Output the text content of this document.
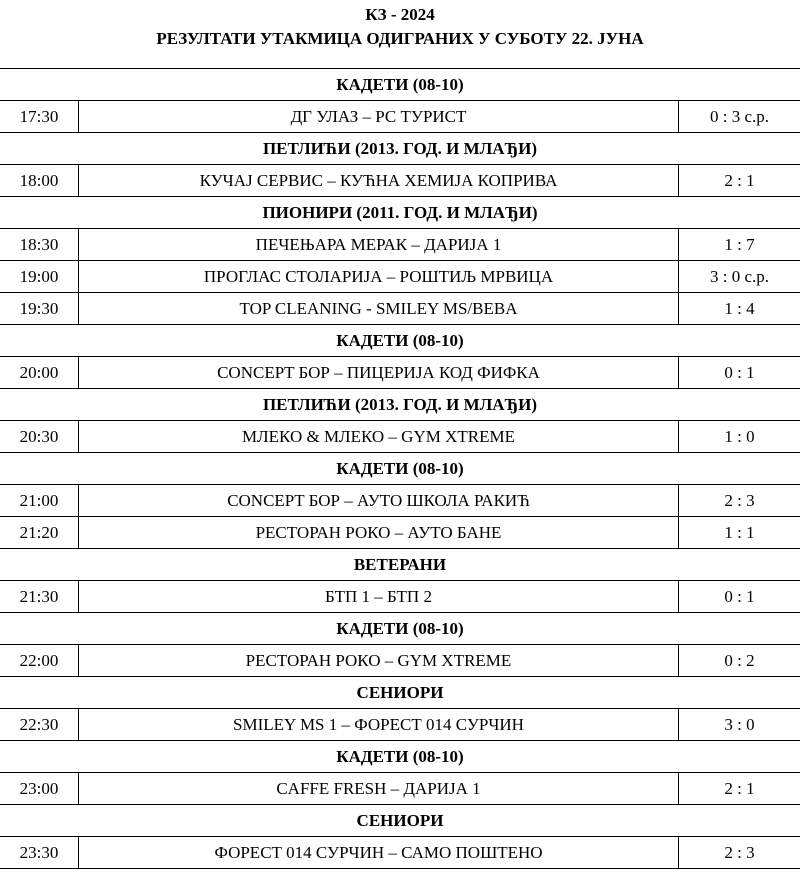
КЗ - 2024
РЕЗУЛТАТИ УТАКМИЦА ОДИГРАНИХ У СУБОТУ 22. ЈУНА
КАДЕТИ (08-10)		
17:30	ДГ УЛАЗ – РС ТУРИСТ	0 : 3 с.р.
ПЕТЛИЋИ (2013. ГОД. И МЛАЂИ)		
18:00	КУЧАЈ СЕРВИС – КУЋНА ХЕМИЈА КОПРИВА	2 : 1
ПИОНИРИ (2011. ГОД. И МЛАЂИ)		
18:30	ПЕЧЕЊАРА МЕРАК – ДАРИЈА 1	1 : 7
19:00	ПРОГЛАС СТОЛАРИЈА – РОШТИЉ МРВИЦА	3 : 0 с.р.
19:30	TOP CLEANING - SMILEY MS/BEBA	1 : 4
КАДЕТИ (08-10)		
20:00	CONCEPT БОР – ПИЦЕРИЈА КОД ФИФКА	0 : 1
ПЕТЛИЋИ (2013. ГОД. И МЛАЂИ)		
20:30	МЛЕКО & МЛЕКО – GYM XTREME	1 : 0
КАДЕТИ (08-10)		
21:00	CONCEPT БОР – АУТО ШКОЛА РАКИЋ	2 : 3
21:20	РЕСТОРАН РОКО – АУТО БАНЕ	1 : 1
ВЕТЕРАНИ		
21:30	БТП 1 – БТП 2	0 : 1
КАДЕТИ (08-10)		
22:00	РЕСТОРАН РОКО – GYM XTREME	0 : 2
СЕНИОРИ		
22:30	SMILEY MS 1 – ФОРЕСТ 014 СУРЧИН	3 : 0
КАДЕТИ (08-10)		
23:00	CAFFE FRESH – ДАРИЈА 1	2 : 1
СЕНИОРИ		
23:30	ФОРЕСТ 014 СУРЧИН – САМО ПОШТЕНО	2 : 3
